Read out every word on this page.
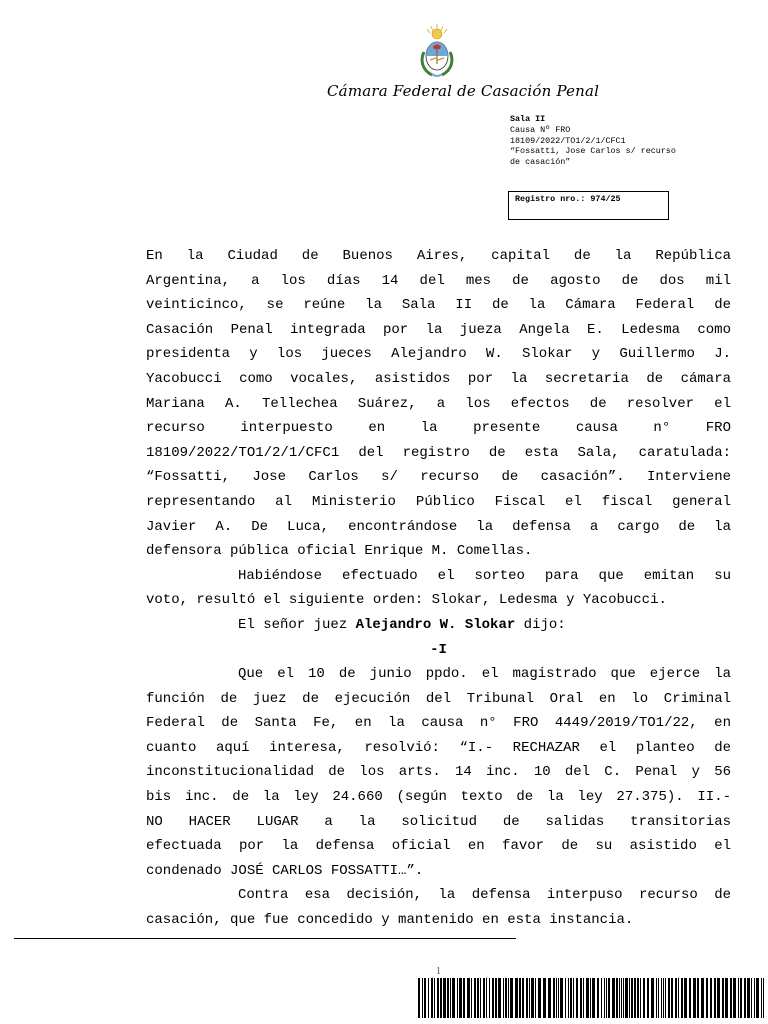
Cámara Federal de Casación Penal
Sala II
Causa Nº FRO
18109/2022/TO1/2/1/CFC1
“Fossatti, Jose Carlos s/ recurso
de casación”
Registro nro.: 974/25
En la Ciudad de Buenos Aires, capital de la República
Argentina, a los días 14 del mes de agosto de dos mil
veinticinco, se reúne la Sala II de la Cámara Federal de
Casación Penal integrada por la jueza Angela E. Ledesma como
presidenta y los jueces Alejandro W. Slokar y Guillermo J.
Yacobucci como vocales, asistidos por la secretaria de cámara
Mariana A. Tellechea Suárez, a los efectos de resolver el
recurso interpuesto en la presente causa n° FRO
18109/2022/TO1/2/1/CFC1 del registro de esta Sala, caratulada:
“Fossatti, Jose Carlos s/ recurso de casación”. Interviene
representando al Ministerio Público Fiscal el fiscal general
Javier A. De Luca, encontrándose la defensa a cargo de la
defensora pública oficial Enrique M. Comellas.
Habiéndose efectuado el sorteo para que emitan su
voto, resultó el siguiente orden: Slokar, Ledesma y Yacobucci.
El señor juez Alejandro W. Slokar dijo:
-I
Que el 10 de junio ppdo. el magistrado que ejerce la
función de juez de ejecución del Tribunal Oral en lo Criminal
Federal de Santa Fe, en la causa n° FRO 4449/2019/TO1/22, en
cuanto aquí interesa, resolvió: “I.- RECHAZAR el planteo de
inconstitucionalidad de los arts. 14 inc. 10 del C. Penal y 56
bis inc. de la ley 24.660 (según texto de la ley 27.375). II.-
NO HACER LUGAR a la solicitud de salidas transitorias
efectuada por la defensa oficial en favor de su asistido el
condenado JOSÉ CARLOS FOSSATTI…”.
Contra esa decisión, la defensa interpuso recurso de
casación, que fue concedido y mantenido en esta instancia.
1
